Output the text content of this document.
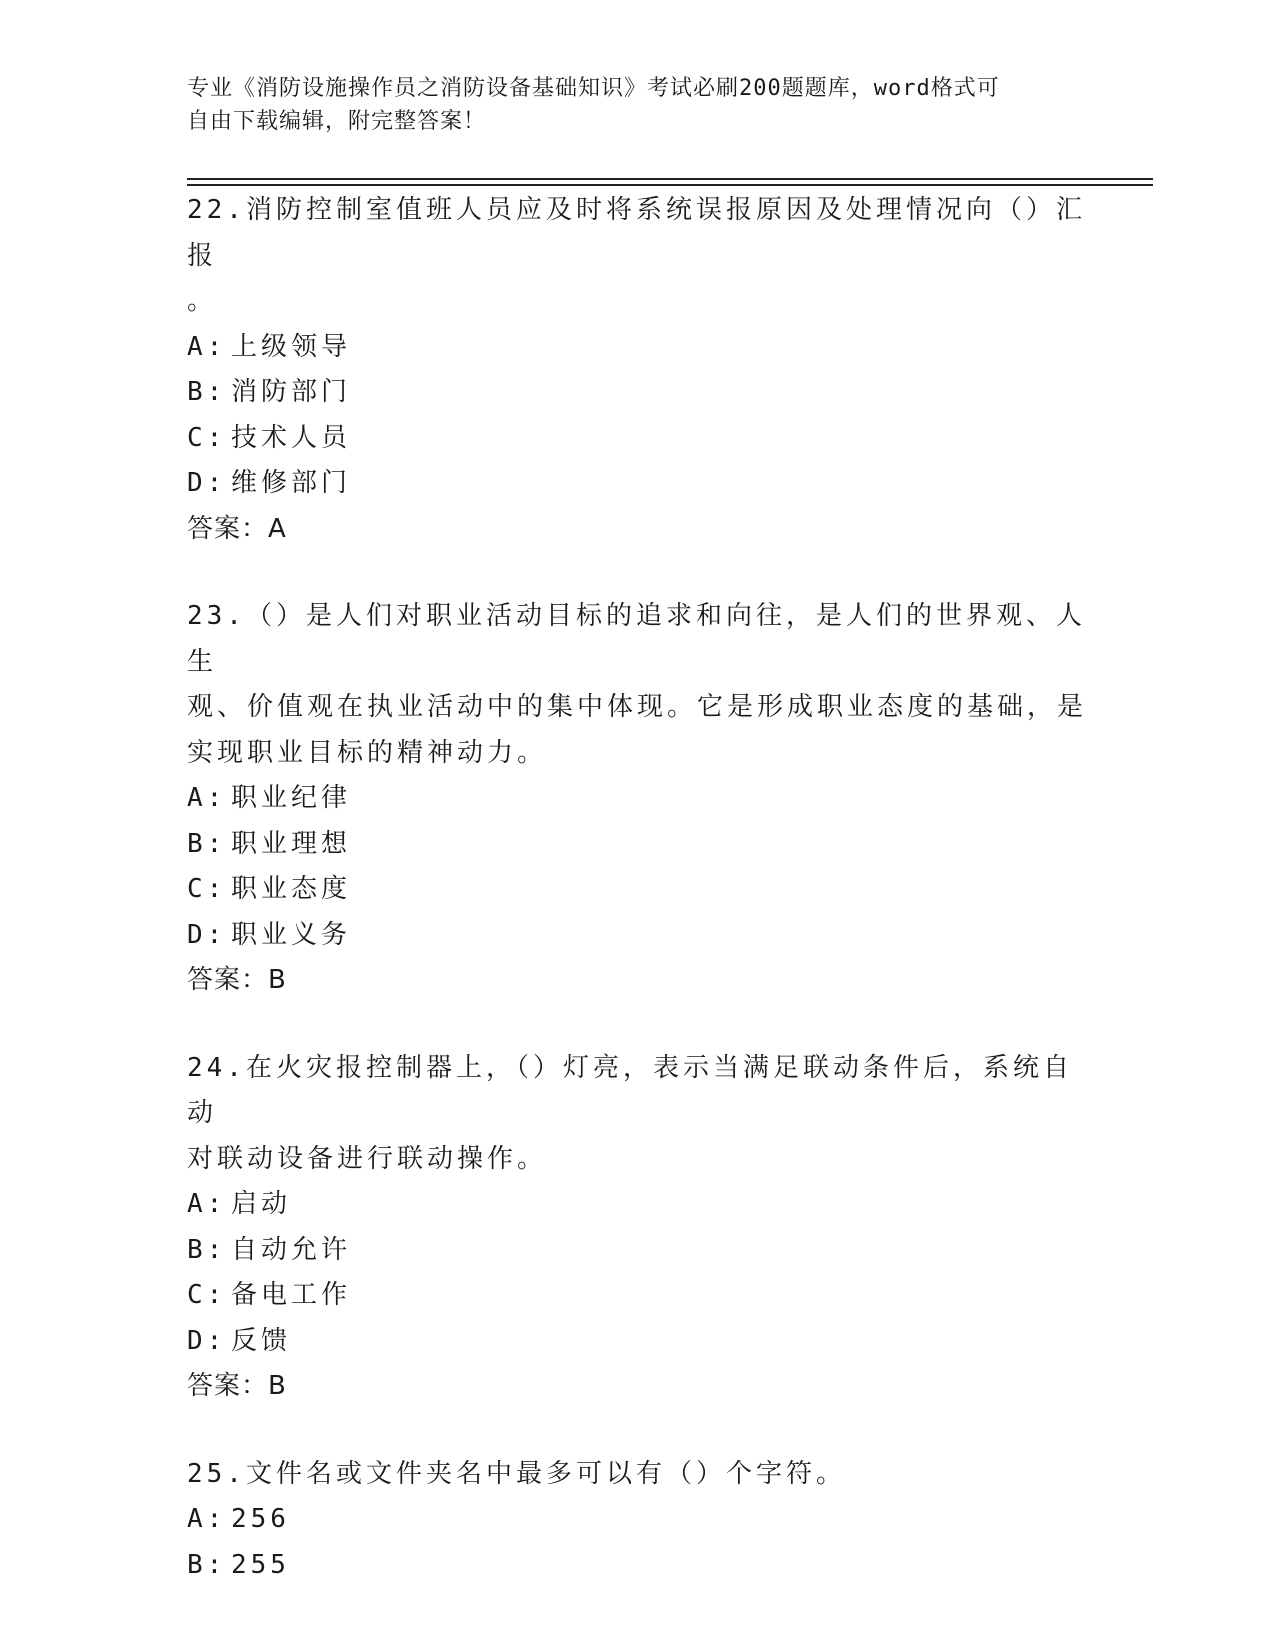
专业《消防设施操作员之消防设备基础知识》考试必刷200题题库，word格式可
自由下载编辑，附完整答案！
22.消防控制室值班人员应及时将系统误报原因及处理情况向（）汇报
。
A: 上级领导
B: 消防部门
C: 技术人员
D: 维修部门
答案：A
23.（）是人们对职业活动目标的追求和向往，是人们的世界观、人生
观、价值观在执业活动中的集中体现。它是形成职业态度的基础，是
实现职业目标的精神动力。
A: 职业纪律
B: 职业理想
C: 职业态度
D: 职业义务
答案：B
24.在火灾报控制器上，（）灯亮，表示当满足联动条件后，系统自动
对联动设备进行联动操作。
A: 启动
B: 自动允许
C: 备电工作
D: 反馈
答案：B
25.文件名或文件夹名中最多可以有（）个字符。
A: 256
B: 255
